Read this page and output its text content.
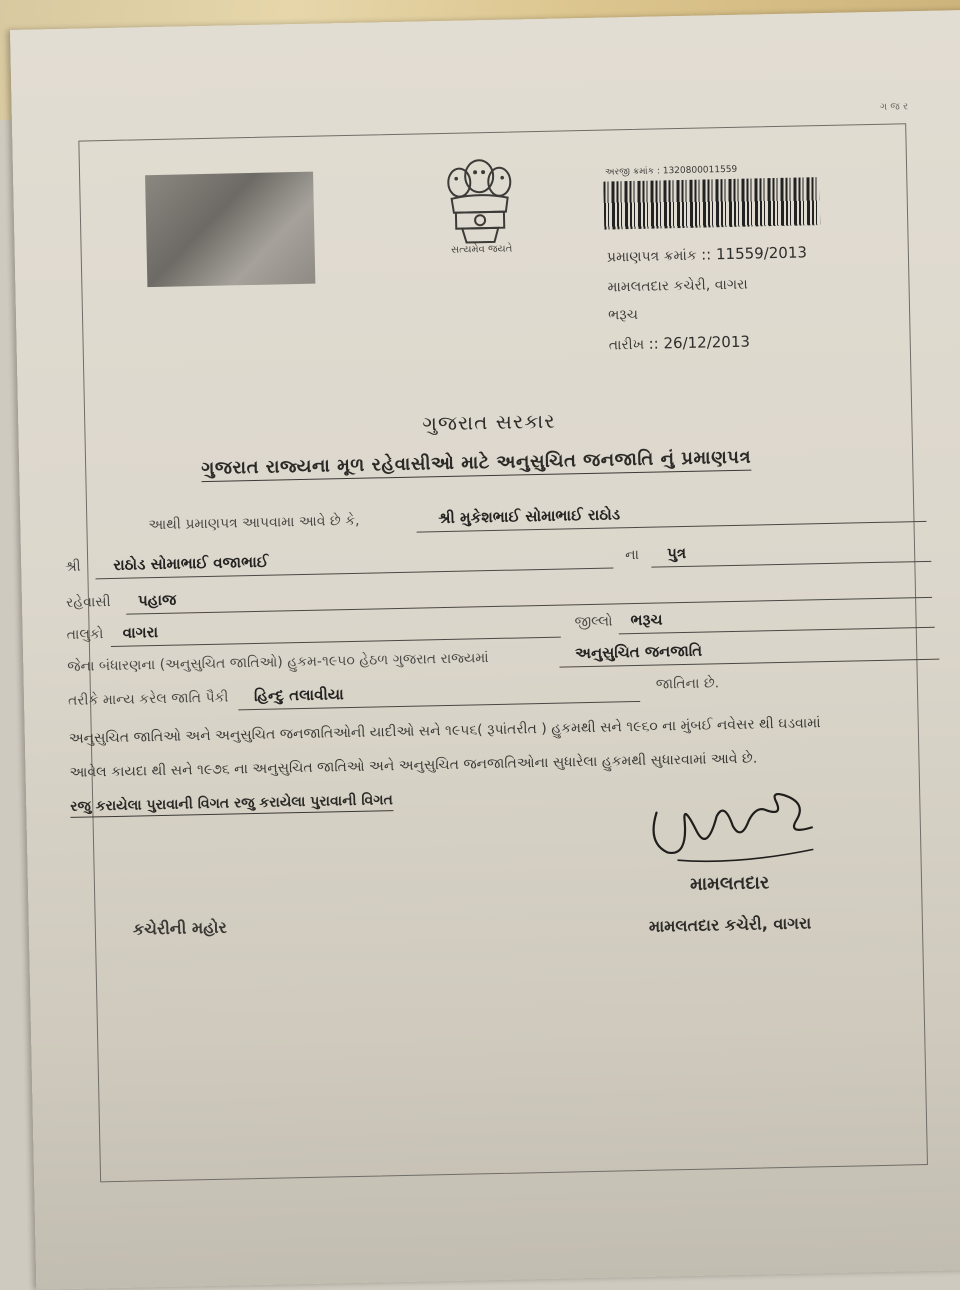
ગ જ ર
સત્યમેવ જયતે
અરજી ક્રમાંક : 1320800011559
પ્રમાણપત્ર ક્રમાંક :: 11559/2013
મામલતદાર કચેરી, વાગરા
ભરૂચ
તારીખ :: 26/12/2013
ગુજરાત સરકાર
ગુજરાત રાજ્યના મૂળ રહેવાસીઓ માટે અનુસુચિત જનજાતિ નું પ્રમાણપત્ર
આથી પ્રમાણપત્ર આપવામા આવે છે કે,	શ્રી મુકેશભાઈ સોમાભાઈ રાઠોડ
શ્રી રાઠોડ સોમાભાઈ વજાભાઈ	ના પુત્ર
રહેવાસી પહાજ
તાલુકો વાગરા
જીલ્લો ભરૂચ
જેના બંધારણના (અનુસુચિત જાતિઓ) હુકમ-૧૯૫૦ હેઠળ ગુજરાત રાજ્યમાં	અનુસુચિત જનજાતિ
તરીકે માન્ય કરેલ જાતિ પૈકી હિન્દુ તલાવીયા
જાતિના છે.
અનુસુચિત જાતિઓ અને અનુસુચિત જનજાતિઓની યાદીઓ સને ૧૯૫૬( રૂપાંતરીત ) હુકમથી સને ૧૯૬૦ ના મુંબઈ નવેસર થી ઘડવામાં
આવેલ કાયદા થી સને ૧૯૭૬ ના અનુસુચિત જાતિઓ અને અનુસુચિત જનજાતિઓના સુધારેલા હુકમથી સુધારવામાં આવે છે.
રજુ કરાયેલા પુરાવાની વિગત રજુ કરાયેલા પુરાવાની વિગત
મામલતદાર
મામલતદાર કચેરી, વાગરા
કચેરીની મહોર
